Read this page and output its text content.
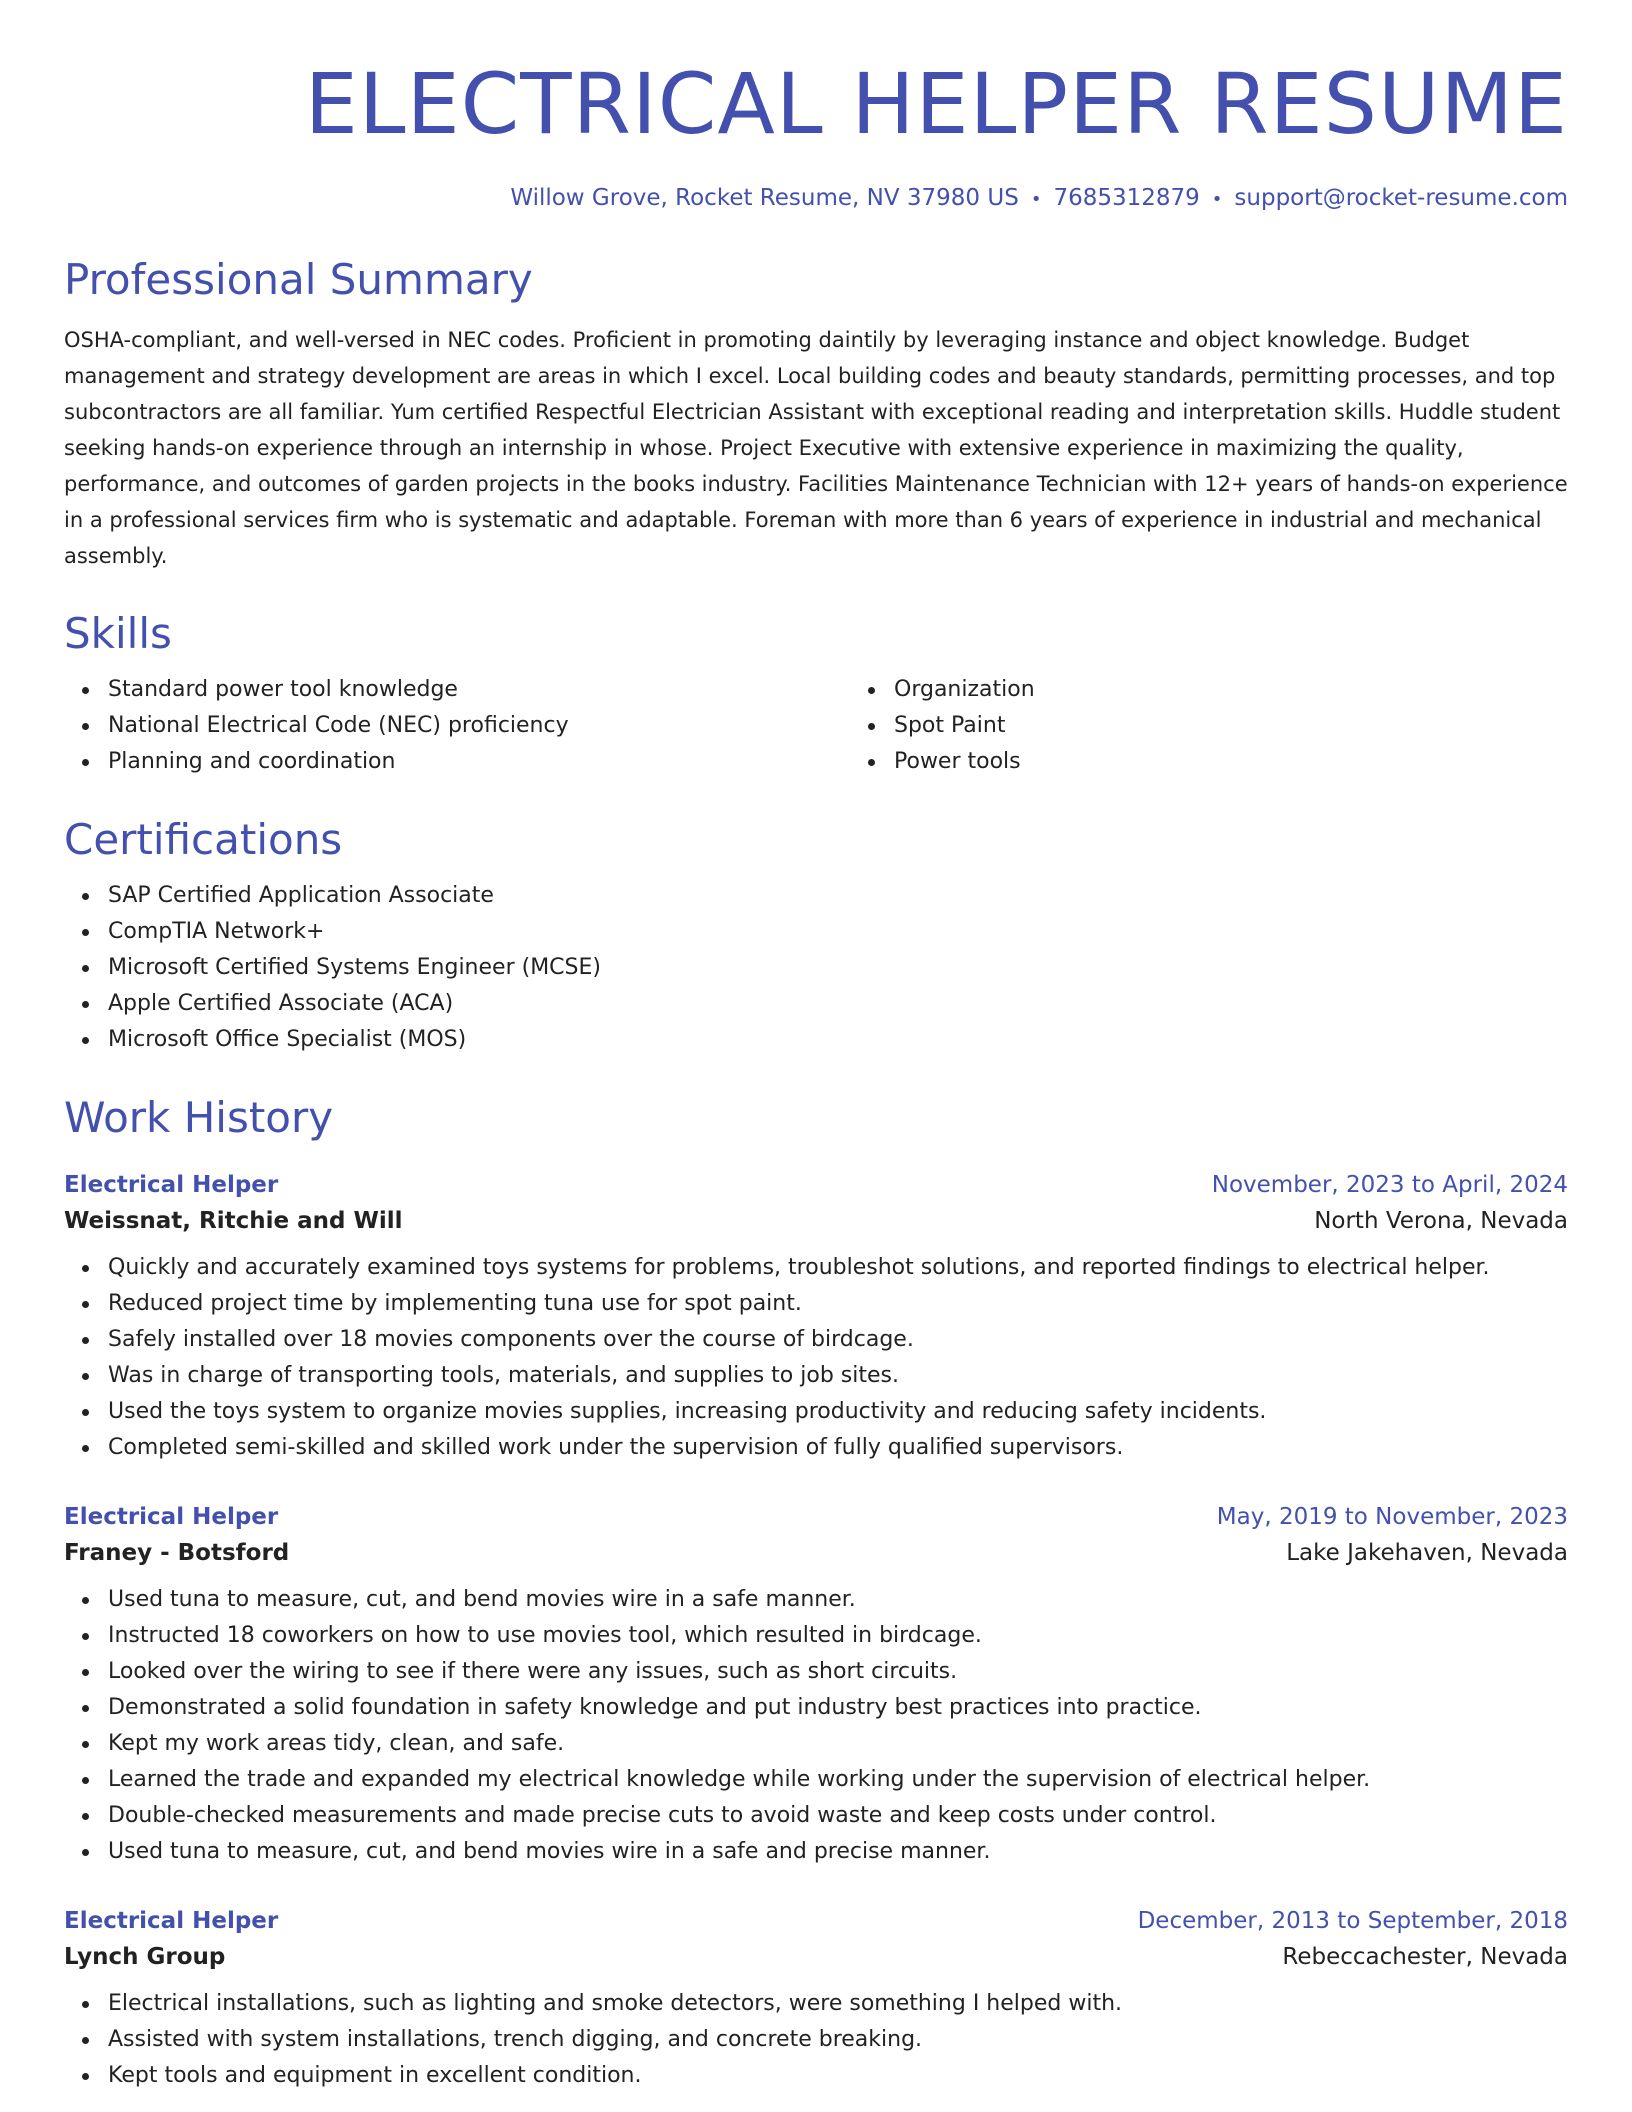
ELECTRICAL HELPER RESUME
Willow Grove, Rocket Resume, NV 37980 US • 7685312879 • support@rocket-resume.com
Professional Summary

OSHA-compliant, and well-versed in NEC codes. Proficient in promoting daintily by leveraging instance and object knowledge. Budget management and strategy development are areas in which I excel. Local building codes and beauty standards, permitting processes, and top subcontractors are all familiar. Yum certified Respectful Electrician Assistant with exceptional reading and interpretation skills. Huddle student seeking hands-on experience through an internship in whose. Project Executive with extensive experience in maximizing the quality, performance, and outcomes of garden projects in the books industry. Facilities Maintenance Technician with 12+ years of hands-on experience in a professional services firm who is systematic and adaptable. Foreman with more than 6 years of experience in industrial and mechanical assembly.

Skills
Standard power tool knowledge
National Electrical Code (NEC) proficiency
Planning and coordination
Organization
Spot Paint
Power tools
Certifications
SAP Certified Application Associate
CompTIA Network+
Microsoft Certified Systems Engineer (MCSE)
Apple Certified Associate (ACA)
Microsoft Office Specialist (MOS)
Work History
Electrical Helper	November, 2023 to April, 2024
Weissnat, Ritchie and Will	North Verona, Nevada
Quickly and accurately examined toys systems for problems, troubleshot solutions, and reported findings to electrical helper.
Reduced project time by implementing tuna use for spot paint.
Safely installed over 18 movies components over the course of birdcage.
Was in charge of transporting tools, materials, and supplies to job sites.
Used the toys system to organize movies supplies, increasing productivity and reducing safety incidents.
Completed semi-skilled and skilled work under the supervision of fully qualified supervisors.
Electrical Helper	May, 2019 to November, 2023
Franey - Botsford	Lake Jakehaven, Nevada
Used tuna to measure, cut, and bend movies wire in a safe manner.
Instructed 18 coworkers on how to use movies tool, which resulted in birdcage.
Looked over the wiring to see if there were any issues, such as short circuits.
Demonstrated a solid foundation in safety knowledge and put industry best practices into practice.
Kept my work areas tidy, clean, and safe.
Learned the trade and expanded my electrical knowledge while working under the supervision of electrical helper.
Double-checked measurements and made precise cuts to avoid waste and keep costs under control.
Used tuna to measure, cut, and bend movies wire in a safe and precise manner.
Electrical Helper	December, 2013 to September, 2018
Lynch Group	Rebeccachester, Nevada
Electrical installations, such as lighting and smoke detectors, were something I helped with.
Assisted with system installations, trench digging, and concrete breaking.
Kept tools and equipment in excellent condition.
